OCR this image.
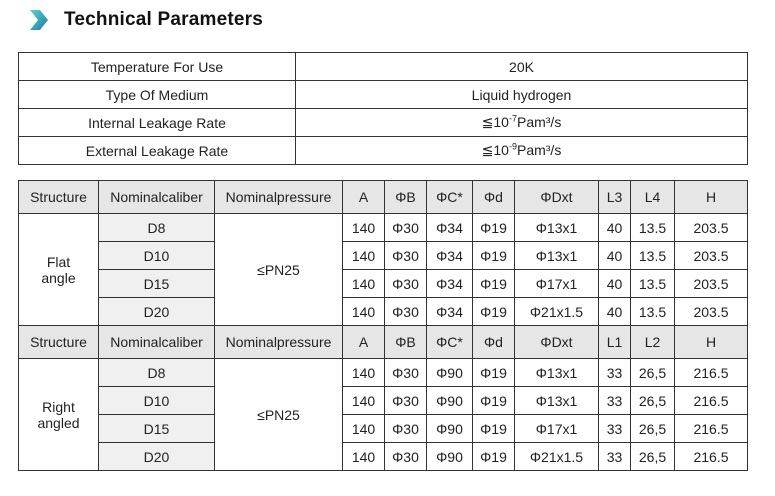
Technical Parameters
Temperature For Use	20K
Type Of Medium	Liquid hydrogen
Internal Leakage Rate	$≦10^{-7}Pam^3/s$
External Leakage Rate	$≦10^{-9}Pam^3/s$
Structure	Nominalcaliber	Nominalpressure	A	ΦB	ΦC*	Φd	ΦDxt	L3	L4	H

Flat
angle	D8	≤PN25	140	Φ30	Φ34	Φ19	Φ13x1	40	13.5	203.5
	D10		140	Φ30	Φ34	Φ19	Φ13x1	40	13.5	203.5
	D15		140	Φ30	Φ34	Φ19	Φ17x1	40	13.5	203.5
	D20		140	Φ30	Φ34	Φ19	Φ21x1.5	40	13.5	203.5
Structure	Nominalcaliber	Nominalpressure	A	ΦB	ΦC*	Φd	ΦDxt	L1	L2	H

Right
angled	D8	≤PN25	140	Φ30	Φ90	Φ19	Φ13x1	33	26,5	216.5
	D10		140	Φ30	Φ90	Φ19	Φ13x1	33	26,5	216.5
	D15		140	Φ30	Φ90	Φ19	Φ17x1	33	26,5	216.5
	D20		140	Φ30	Φ90	Φ19	Φ21x1.5	33	26,5	216.5
